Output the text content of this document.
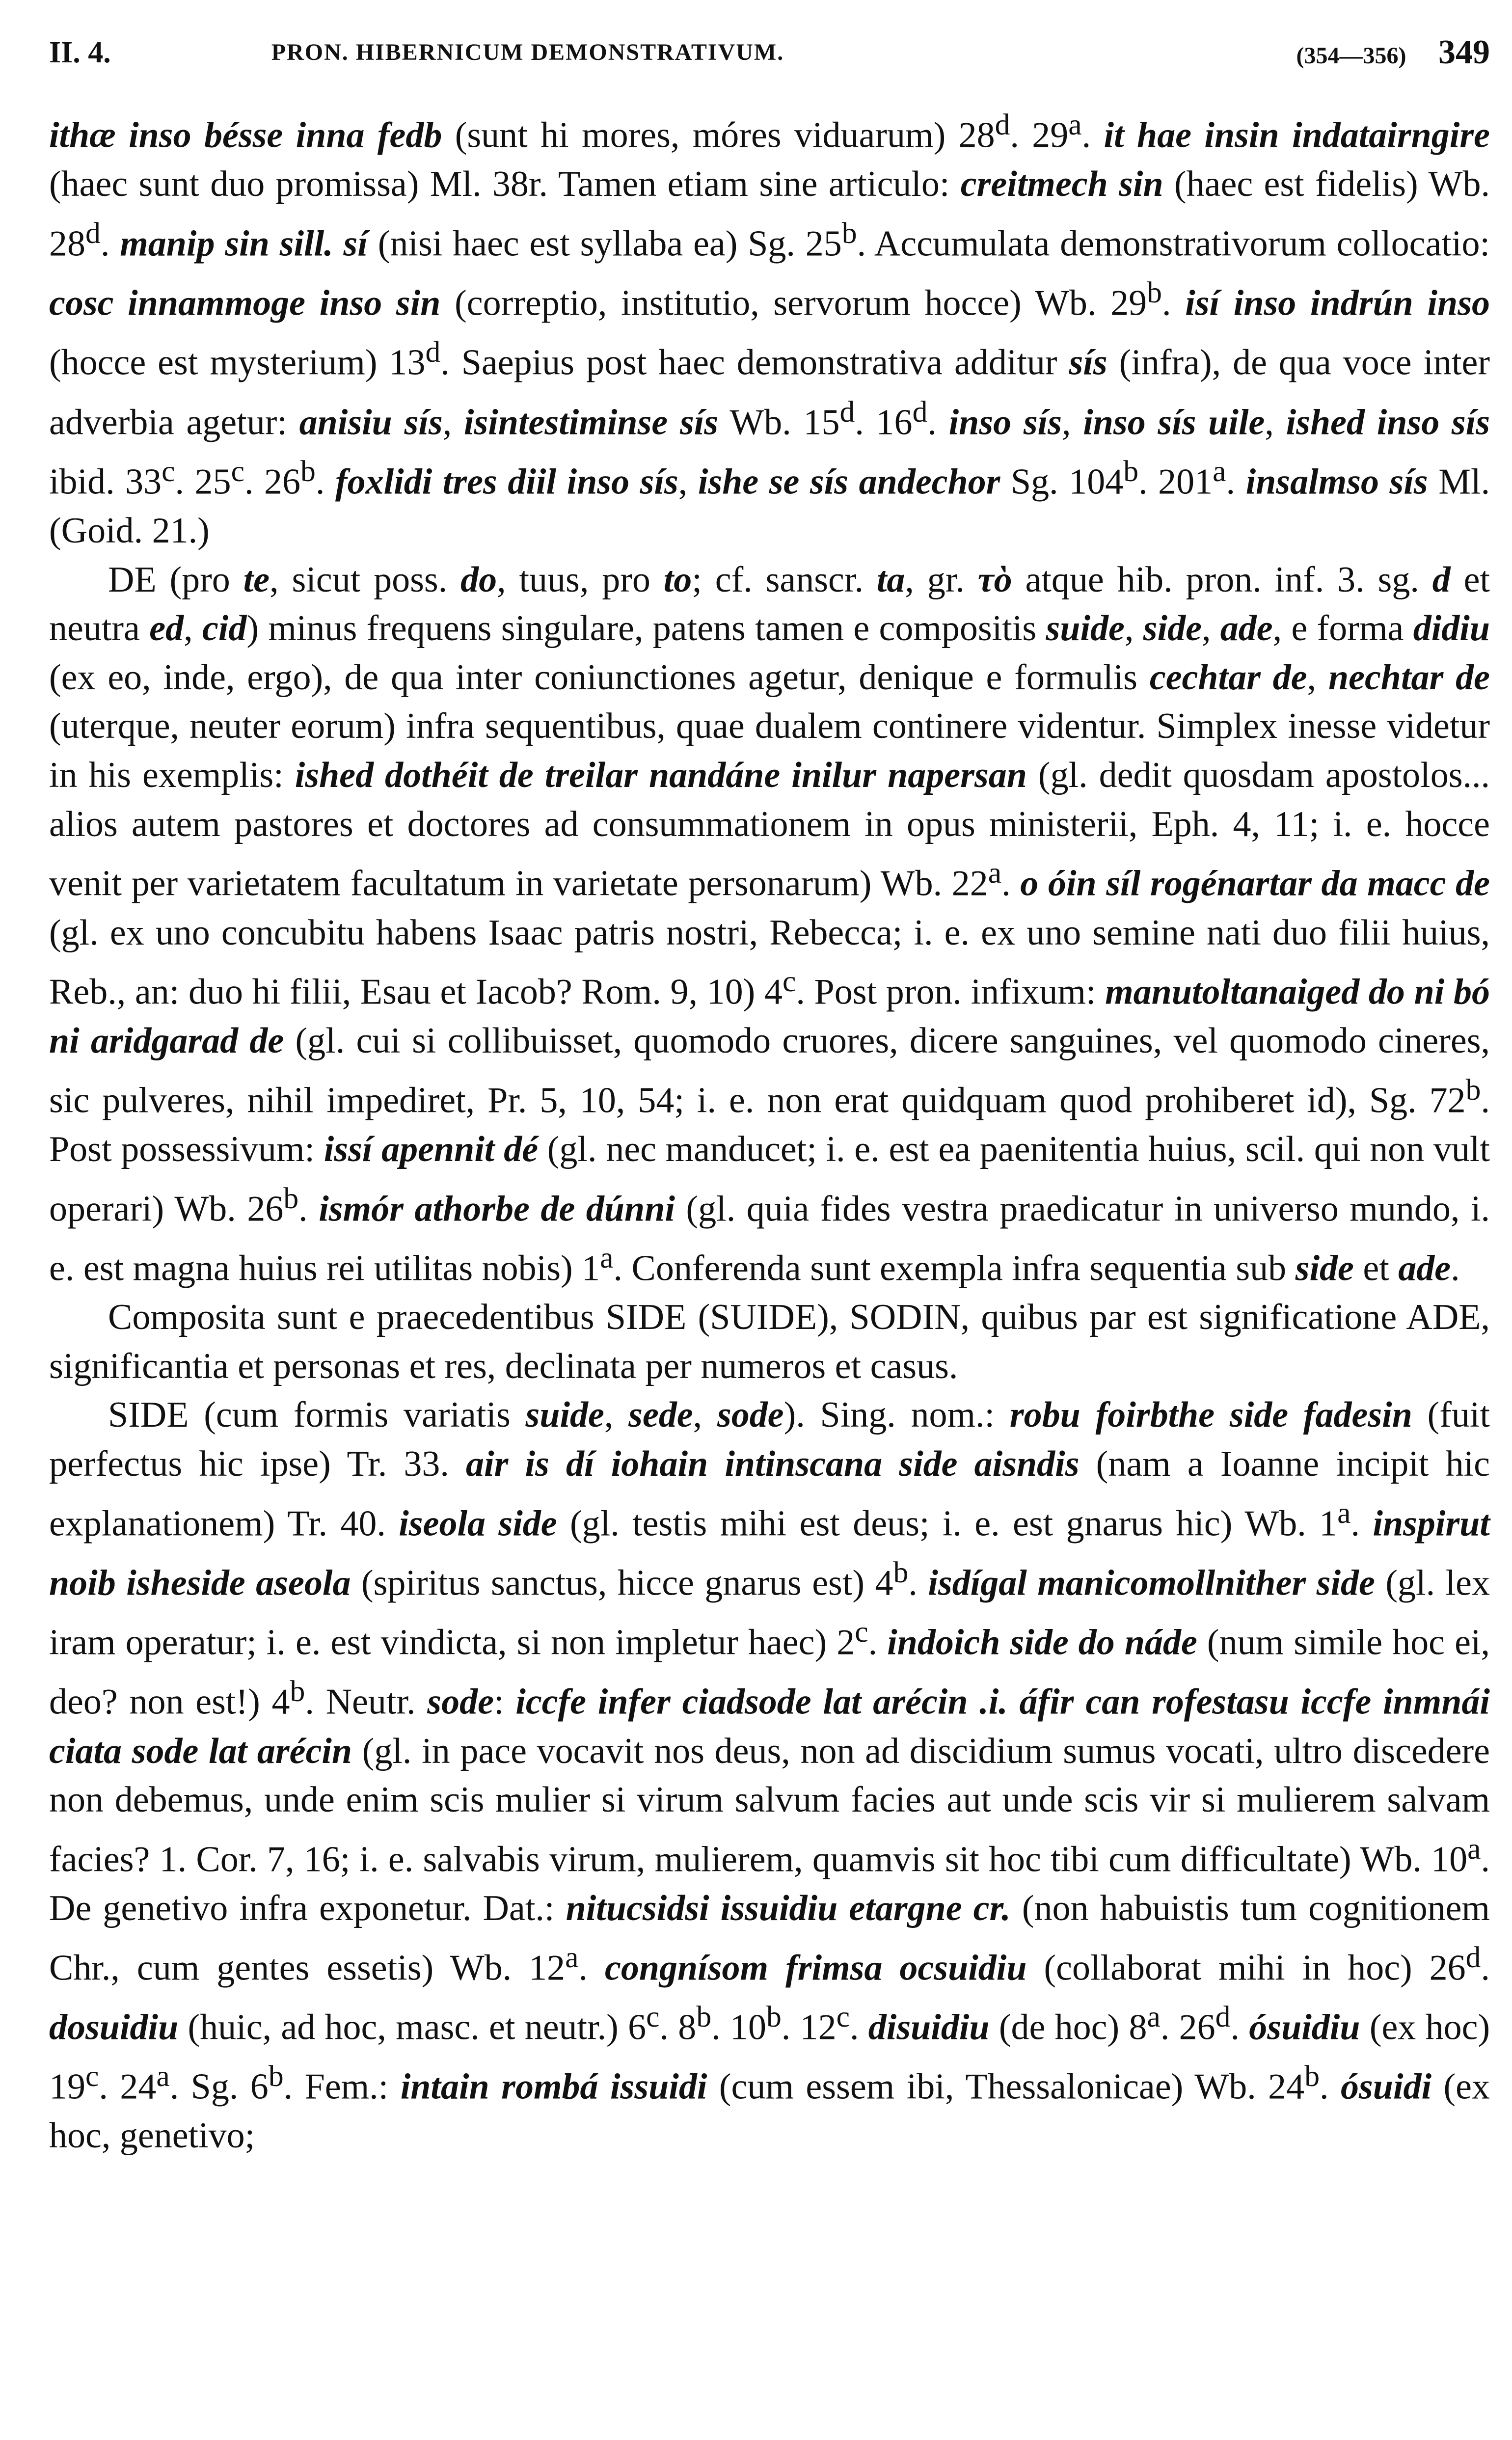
II. 4.	PRON. HIBERNICUM DEMONSTRATIVUM.	(354—356) 349

ithæ inso bésse inna fedb (sunt hi mores, móres viduarum) 28$^d$. 29$^a$. it hae insin indatairngire (haec sunt duo promissa) Ml. 38r. Tamen etiam sine articulo: creitmech sin (haec est fidelis) Wb. 28$^d$. manip sin sill. sí (nisi haec est syllaba ea) Sg. 25$^b$. Accumulata demonstrativorum collocatio: cosc innammoge inso sin (correptio, institutio, servorum hocce) Wb. 29$^b$. isí inso indrún inso (hocce est mysterium) 13$^d$. Saepius post haec demonstrativa additur sís (infra), de qua voce inter adverbia agetur: anisiu sís, isintestiminse sís Wb. 15$^d$. 16$^d$. inso sís, inso sís uile, ished inso sís ibid. 33$^c$. 25$^c$. 26$^b$. foxlidi tres diil inso sís, ishe se sís andechor Sg. 104$^b$. 201$^a$. insalmso sís Ml. (Goid. 21.)

DE (pro te, sicut poss. do, tuus, pro to; cf. sanscr. ta, gr. τὸ atque hib. pron. inf. 3. sg. d et neutra ed, cid) minus frequens singulare, patens tamen e compositis suide, side, ade, e forma didiu (ex eo, inde, ergo), de qua inter coniunctiones agetur, denique e formulis cechtar de, nechtar de (uterque, neuter eorum) infra sequentibus, quae dualem continere videntur. Simplex inesse videtur in his exemplis: ished dothéit de treilar nandáne inilur napersan (gl. dedit quosdam apostolos... alios autem pastores et doctores ad consummationem in opus ministerii, Eph. 4, 11; i. e. hocce venit per varietatem facultatum in varietate personarum) Wb. 22$^a$. o óin síl rogénartar da macc de (gl. ex uno concubitu habens Isaac patris nostri, Rebecca; i. e. ex uno semine nati duo filii huius, Reb., an: duo hi filii, Esau et Iacob? Rom. 9, 10) 4$^c$. Post pron. infixum: manutoltanaiged do ni bó ni aridgarad de (gl. cui si collibuisset, quomodo cruores, dicere sanguines, vel quomodo cineres, sic pulveres, nihil impediret, Pr. 5, 10, 54; i. e. non erat quidquam quod prohiberet id), Sg. 72$^b$. Post possessivum: issí apennit dé (gl. nec manducet; i. e. est ea paenitentia huius, scil. qui non vult operari) Wb. 26$^b$. ismór athorbe de dúnni (gl. quia fides vestra praedicatur in universo mundo, i. e. est magna huius rei utilitas nobis) 1$^a$. Conferenda sunt exempla infra sequentia sub side et ade.

Composita sunt e praecedentibus SIDE (SUIDE), SODIN, quibus par est significatione ADE, significantia et personas et res, declinata per numeros et casus.

SIDE (cum formis variatis suide, sede, sode). Sing. nom.: robu foirbthe side fadesin (fuit perfectus hic ipse) Tr. 33. air is dí iohain intinscana side aisndis (nam a Ioanne incipit hic explanationem) Tr. 40. iseola side (gl. testis mihi est deus; i. e. est gnarus hic) Wb. 1$^a$. inspirut noib isheside aseola (spiritus sanctus, hicce gnarus est) 4$^b$. isdígal manicomollnither side (gl. lex iram operatur; i. e. est vindicta, si non impletur haec) 2$^c$. indoich side do náde (num simile hoc ei, deo? non est!) 4$^b$. Neutr. sode: iccfe infer ciadsode lat arécin .i. áfir can rofestasu iccfe inmnái ciata sode lat arécin (gl. in pace vocavit nos deus, non ad discidium sumus vocati, ultro discedere non debemus, unde enim scis mulier si virum salvum facies aut unde scis vir si mulierem salvam facies? 1. Cor. 7, 16; i. e. salvabis virum, mulierem, quamvis sit hoc tibi cum difficultate) Wb. 10$^a$. De genetivo infra exponetur. Dat.: nitucsidsi issuidiu etargne cr. (non habuistis tum cognitionem Chr., cum gentes essetis) Wb. 12$^a$. congnísom frimsa ocsuidiu (collaborat mihi in hoc) 26$^d$. dosuidiu (huic, ad hoc, masc. et neutr.) 6$^c$. 8$^b$. 10$^b$. 12$^c$. disuidiu (de hoc) 8$^a$. 26$^d$. ósuidiu (ex hoc) 19$^c$. 24$^a$. Sg. 6$^b$. Fem.: intain rombá issuidi (cum essem ibi, Thessalonicae) Wb. 24$^b$. ósuidi (ex hoc, genetivo;
